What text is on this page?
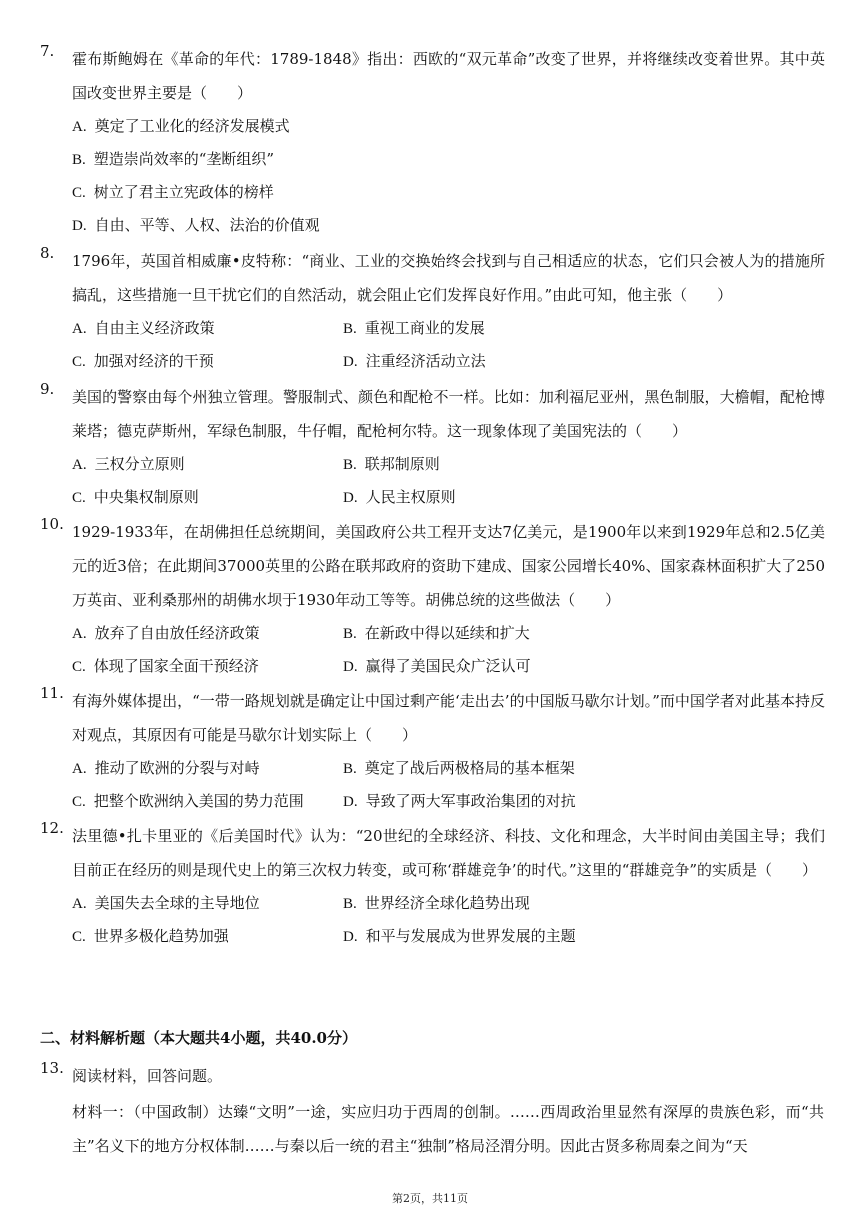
7.	霍布斯鲍姆在《革命的年代：1789-1848》指出：西欧的“双元革命”改变了世界，并将继续改变着世界。其中英国改变世界主要是（　　）
A. 奠定了工业化的经济发展模式
B. 塑造崇尚效率的“垄断组织”
C. 树立了君主立宪政体的榜样
D. 自由、平等、人权、法治的价值观
8.	1796年，英国首相威廉•皮特称：“商业、工业的交换始终会找到与自己相适应的状态，它们只会被人为的措施所搞乱，这些措施一旦干扰它们的自然活动，就会阻止它们发挥良好作用。”由此可知，他主张（　　）
A. 自由主义经济政策	B. 重视工商业的发展
C. 加强对经济的干预	D. 注重经济活动立法
9.	美国的警察由每个州独立管理。警服制式、颜色和配枪不一样。比如：加利福尼亚州，黑色制服，大檐帽，配枪博莱塔；德克萨斯州，军绿色制服，牛仔帽，配枪柯尔特。这一现象体现了美国宪法的（　　）
A. 三权分立原则	B. 联邦制原则
C. 中央集权制原则	D. 人民主权原则
10. 1929-1933年，在胡佛担任总统期间，美国政府公共工程开支达7亿美元，是1900年以来到1929年总和2.5亿美元的近3倍；在此期间37000英里的公路在联邦政府的资助下建成、国家公园增长40%、国家森林面积扩大了250万英亩、亚利桑那州的胡佛水坝于1930年动工等等。胡佛总统的这些做法（　　）
A. 放弃了自由放任经济政策	B. 在新政中得以延续和扩大
C. 体现了国家全面干预经济	D. 赢得了美国民众广泛认可
11. 有海外媒体提出，“一带一路规划就是确定让中国过剩产能‘走出去’的中国版马歇尔计划。”而中国学者对此基本持反对观点，其原因有可能是马歇尔计划实际上（　　）
A. 推动了欧洲的分裂与对峙	B. 奠定了战后两极格局的基本框架
C. 把整个欧洲纳入美国的势力范围	D. 导致了两大军事政治集团的对抗
12. 法里德•扎卡里亚的《后美国时代》认为：“20世纪的全球经济、科技、文化和理念，大半时间由美国主导；我们目前正在经历的则是现代史上的第三次权力转变，或可称‘群雄竞争’的时代。”这里的“群雄竞争”的实质是（　　）
A. 美国失去全球的主导地位	B. 世界经济全球化趋势出现
C. 世界多极化趋势加强	D. 和平与发展成为世界发展的主题
二、材料解析题（本大题共4小题，共40.0分）
13. 阅读材料，回答问题。
材料一：（中国政制）达臻“文明”一途，实应归功于西周的创制。……西周政治里显然有深厚的贵族色彩，而“共主”名义下的地方分权体制……与秦以后一统的君主“独制”格局泾渭分明。因此古贤多称周秦之间为“天
第2页，共11页
